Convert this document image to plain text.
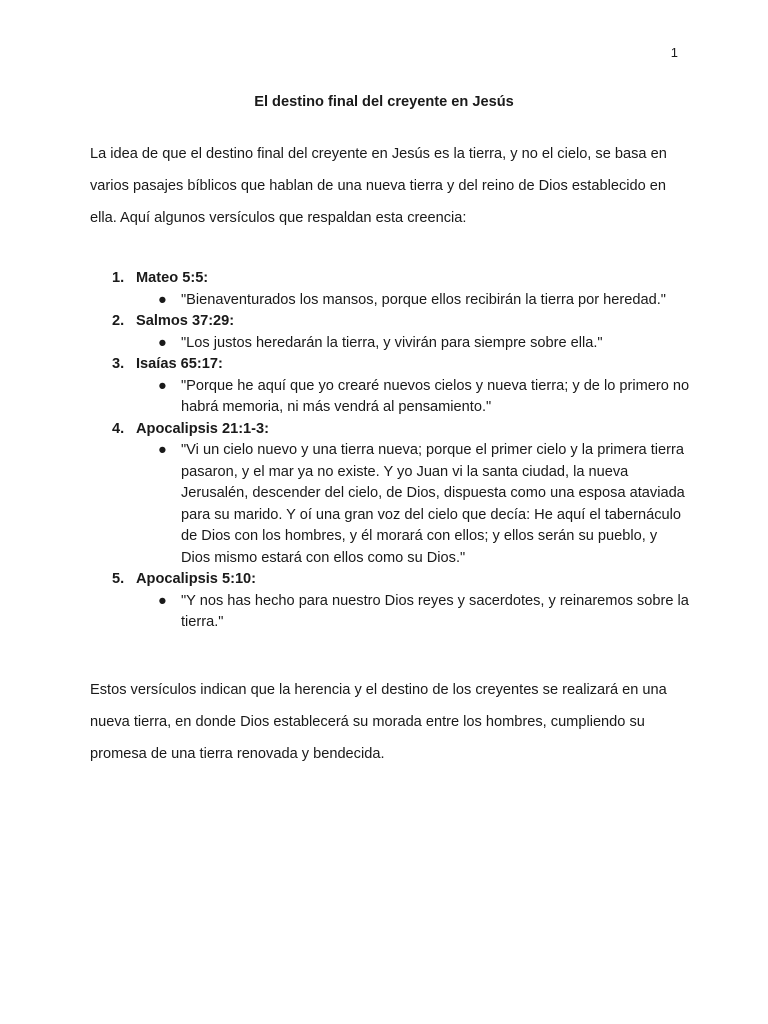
1
El destino final del creyente en Jesús

La idea de que el destino final del creyente en Jesús es la tierra, y no el cielo, se basa en varios pasajes bíblicos que hablan de una nueva tierra y del reino de Dios establecido en ella. Aquí algunos versículos que respaldan esta creencia:

1. Mateo 5:5:
● "Bienaventurados los mansos, porque ellos recibirán la tierra por heredad."
2. Salmos 37:29:
● "Los justos heredarán la tierra, y vivirán para siempre sobre ella."
3. Isaías 65:17:
● "Porque he aquí que yo crearé nuevos cielos y nueva tierra; y de lo primero no habrá memoria, ni más vendrá al pensamiento."
4. Apocalipsis 21:1-3:
● "Vi un cielo nuevo y una tierra nueva; porque el primer cielo y la primera tierra pasaron, y el mar ya no existe. Y yo Juan vi la santa ciudad, la nueva Jerusalén, descender del cielo, de Dios, dispuesta como una esposa ataviada para su marido. Y oí una gran voz del cielo que decía: He aquí el tabernáculo de Dios con los hombres, y él morará con ellos; y ellos serán su pueblo, y Dios mismo estará con ellos como su Dios."
5. Apocalipsis 5:10:
● "Y nos has hecho para nuestro Dios reyes y sacerdotes, y reinaremos sobre la tierra."

Estos versículos indican que la herencia y el destino de los creyentes se realizará en una nueva tierra, en donde Dios establecerá su morada entre los hombres, cumpliendo su promesa de una tierra renovada y bendecida.
